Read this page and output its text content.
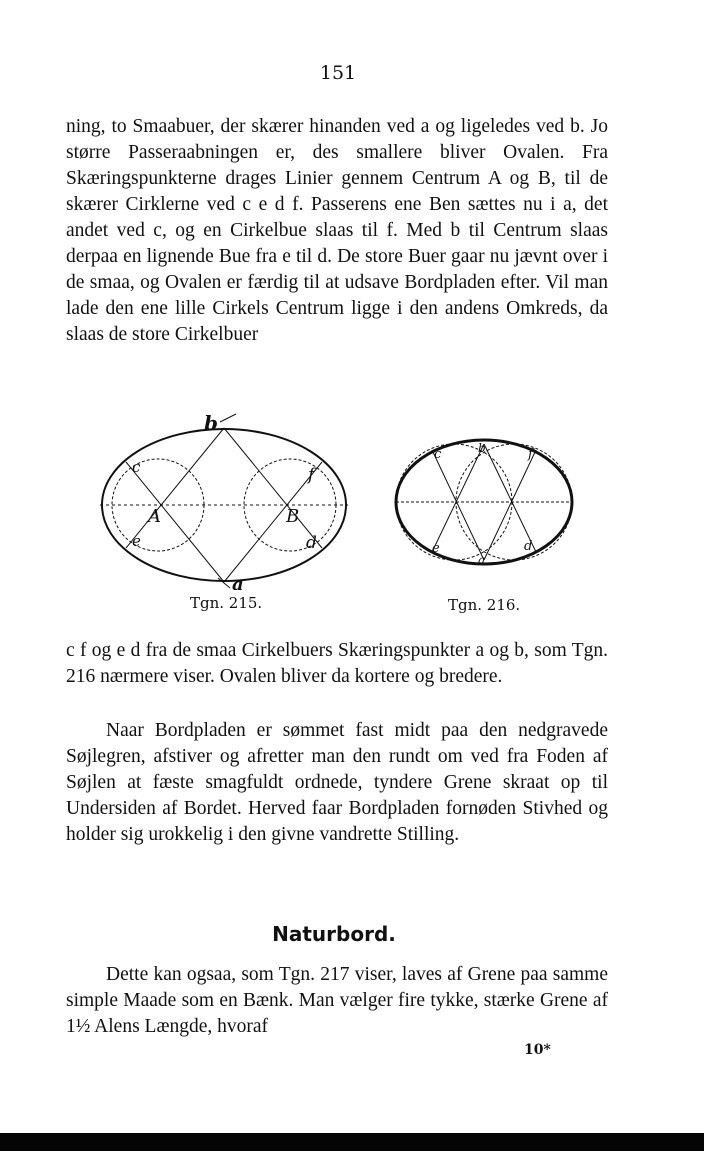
151

ning, to Smaabuer, der skærer hinanden ved a og ligeledes ved b. Jo større Passeraabningen er, des smallere bliver Ovalen. Fra Skæringspunkterne drages Linier gennem Centrum A og B, til de skærer Cirklerne ved c e d f. Passerens ene Ben sættes nu i a, det andet ved c, og en Cirkelbue slaas til f. Med b til Centrum slaas derpaa en lignende Bue fra e til d. De store Buer gaar nu jævnt over i de smaa, og Ovalen er færdig til at udsave Bordpladen efter. Vil man lade den ene lille Cirkels Centrum ligge i den andens Omkreds, da slaas de store Cirkelbuer

b
a
A	B
c
e
f
d
Tgn. 215.
b
a
c
e
f
d
Tgn. 216.

c f og e d fra de smaa Cirkelbuers Skæringspunkter a og b, som Tgn. 216 nærmere viser. Ovalen bliver da kortere og bredere.

Naar Bordpladen er sømmet fast midt paa den nedgravede Søjlegren, afstiver og afretter man den rundt om ved fra Foden af Søjlen at fæste smagfuldt ordnede, tyndere Grene skraat op til Undersiden af Bordet. Herved faar Bordpladen fornøden Stivhed og holder sig urokkelig i den givne vandrette Stilling.

Naturbord.

Dette kan ogsaa, som Tgn. 217 viser, laves af Grene paa samme simple Maade som en Bænk. Man vælger fire tykke, stærke Grene af 1½ Alens Længde, hvoraf

10*
